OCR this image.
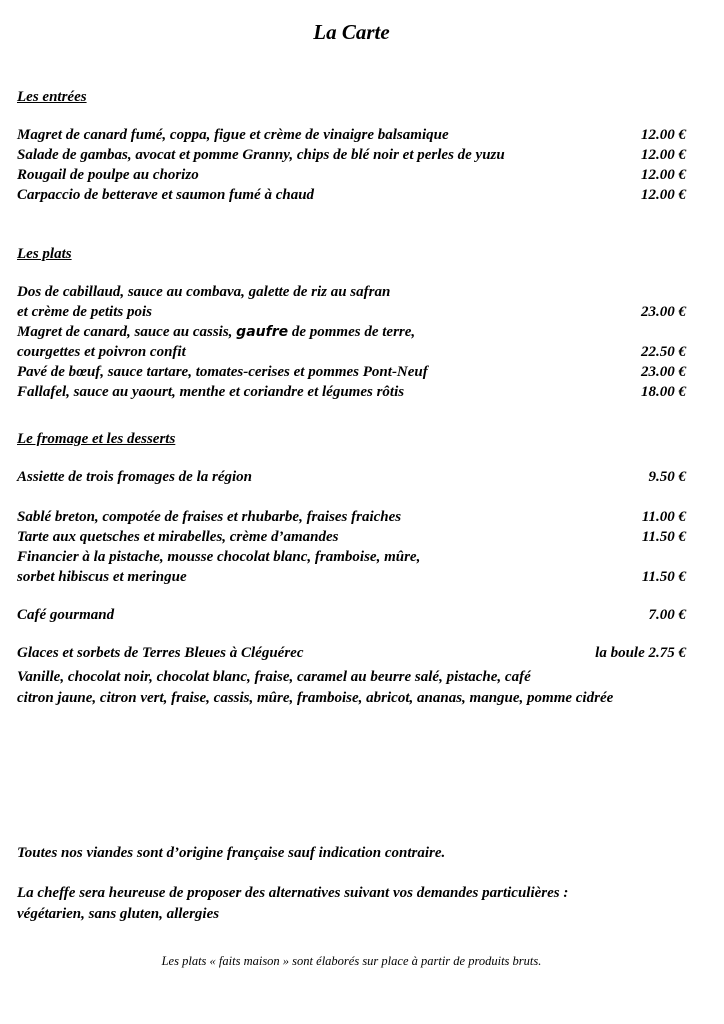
La Carte
Les entrées
Magret de canard fumé, coppa, figue et crème de vinaigre balsamique	12.00 €
Salade de gambas, avocat et pomme Granny, chips de blé noir et perles de yuzu	12.00 €
Rougail de poulpe au chorizo	12.00 €
Carpaccio de betterave et saumon fumé à chaud	12.00 €
Les plats
Dos de cabillaud, sauce au combava, galette de riz au safran
et crème de petits pois	23.00 €
Magret de canard, sauce au cassis, gaufre de pommes de terre,
courgettes et poivron confit	22.50 €
Pavé de bœuf, sauce tartare, tomates-cerises et pommes Pont-Neuf	23.00 €
Fallafel, sauce au yaourt, menthe et coriandre et légumes rôtis	18.00 €
Le fromage et les desserts
Assiette de trois fromages de la région	9.50 €
Sablé breton, compotée de fraises et rhubarbe, fraises fraiches	11.00 €
Tarte aux quetsches et mirabelles, crème d’amandes	11.50 €
Financier à la pistache, mousse chocolat blanc, framboise, mûre,
sorbet hibiscus et meringue	11.50 €
Café gourmand	7.00 €
Glaces et sorbets de Terres Bleues à Cléguérec	la boule 2.75 €
Vanille, chocolat noir, chocolat blanc, fraise, caramel au beurre salé, pistache, café
citron jaune, citron vert, fraise, cassis, mûre, framboise, abricot, ananas, mangue, pomme cidrée
Toutes nos viandes sont d’origine française sauf indication contraire.
La cheffe sera heureuse de proposer des alternatives suivant vos demandes particulières :
végétarien, sans gluten, allergies
Les plats « faits maison » sont élaborés sur place à partir de produits bruts.
